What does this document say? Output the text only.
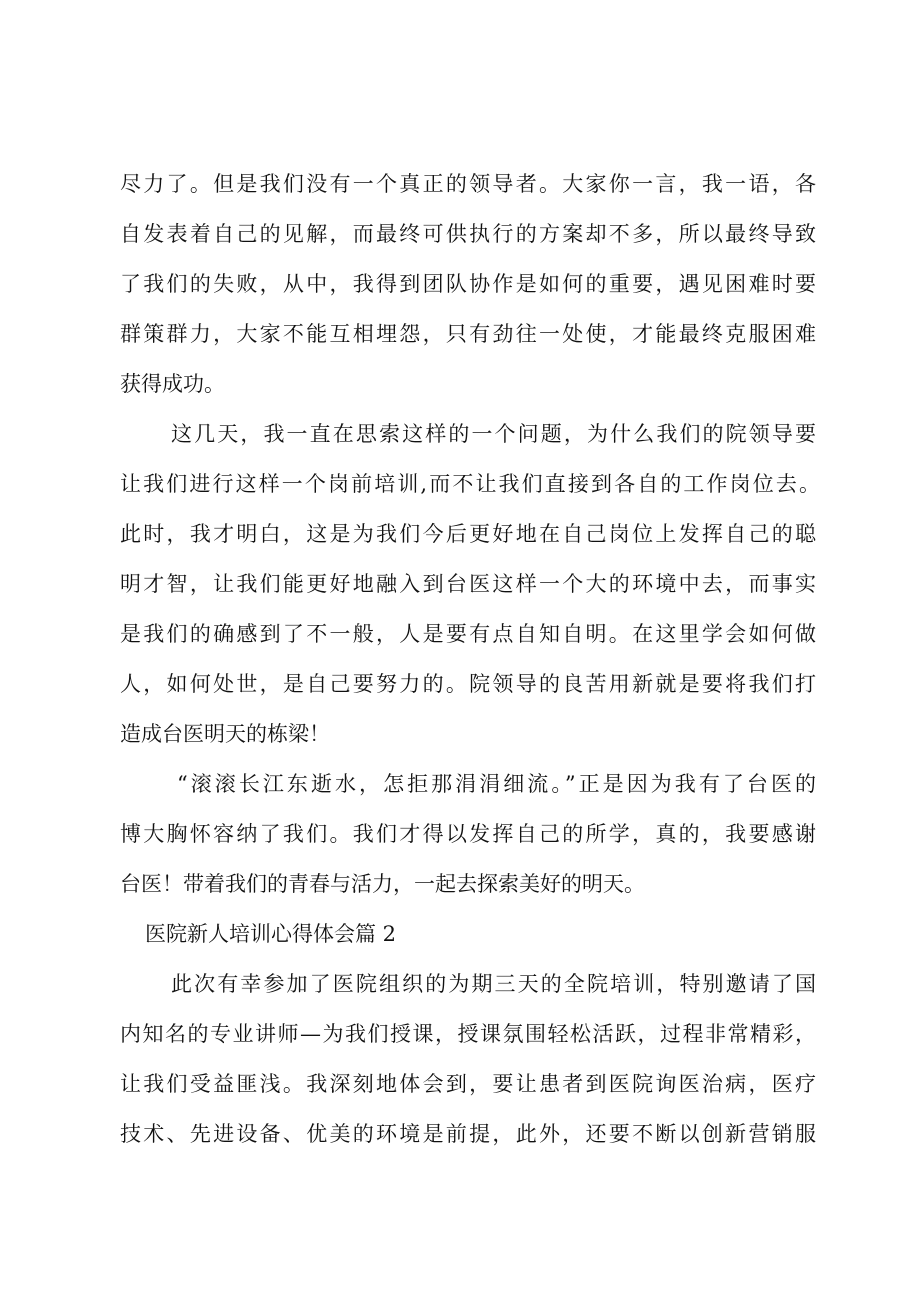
尽力了。但是我们没有一个真正的领导者。大家你一言，我一语，各
自发表着自己的见解，而最终可供执行的方案却不多，所以最终导致
了我们的失败，从中，我得到团队协作是如何的重要，遇见困难时要
群策群力，大家不能互相埋怨，只有劲往一处使，才能最终克服困难
获得成功。
这几天，我一直在思索这样的一个问题，为什么我们的院领导要
让我们进行这样一个岗前培训,而不让我们直接到各自的工作岗位去。
此时，我才明白，这是为我们今后更好地在自己岗位上发挥自己的聪
明才智，让我们能更好地融入到台医这样一个大的环境中去，而事实
是我们的确感到了不一般，人是要有点自知自明。在这里学会如何做
人，如何处世，是自己要努力的。院领导的良苦用新就是要将我们打
造成台医明天的栋梁！
“滚滚长江东逝水，怎拒那涓涓细流。”正是因为我有了台医的
博大胸怀容纳了我们。我们才得以发挥自己的所学，真的，我要感谢
台医！带着我们的青春与活力，一起去探索美好的明天。
医院新人培训心得体会篇 2
此次有幸参加了医院组织的为期三天的全院培训，特别邀请了国
内知名的专业讲师—为我们授课，授课氛围轻松活跃，过程非常精彩，
让我们受益匪浅。我深刻地体会到，要让患者到医院询医治病，医疗
技术、先进设备、优美的环境是前提，此外，还要不断以创新营销服
